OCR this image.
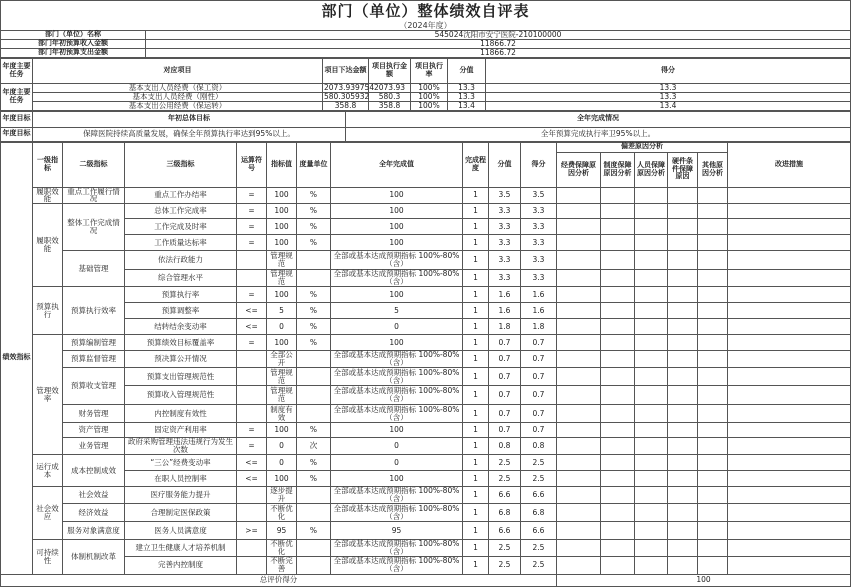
部门（单位）整体绩效自评表	
（2024年度）	
部门（单位）名称	545024沈阳市安宁医院-210100000
部门年初预算收入金额	11866.72
部门年初预算支出金额	11866.72
年度主要任务	对应项目	项目下达金额	项目执行金额	项目执行率	分值	得分
年度主要任务	基本支出人员经费（保工资）	2073.939754	2073.93	100%	13.3	13.3
	基本支出人员经费（刚性）	580.305932	580.3	100%	13.3	13.3
	基本支出公用经费（保运转）	358.8	358.8	100%	13.4	13.4
年度目标	年初总体目标	全年完成情况
年度目标	保障医院持续高质量发展，确保全年预算执行率达到95%以上。	全年预算完成执行率卫95%以上。
绩效指标	一级指标	二级指标	三级指标	运算符号	指标值	度量单位	全年完成值	完成程度	分值	得分	偏差原因分析					改进措施
											经费保障原因分析	制度保障原因分析	人员保障原因分析	硬件条件保障原因	其他原因分析	
	履职效能	重点工作履行情况	重点工作办结率	=	100	%	100	1	3.5	3.5						
	履职效能	整体工作完成情况	总体工作完成率	=	100	%	100	1	3.3	3.3						
			工作完成及时率	=	100	%	100	1	3.3	3.3						
			工作质量达标率	=	100	%	100	1	3.3	3.3						
		基础管理	依法行政能力		管理规范		全部或基本达成预期指标 100%-80%（含）	1	3.3	3.3						
			综合管理水平		管理规范		全部或基本达成预期指标 100%-80%（含）	1	3.3	3.3						
	预算执行	预算执行效率	预算执行率	=	100	%	100	1	1.6	1.6						
			预算调整率	<=	5	%	5	1	1.6	1.6						
			结转结余变动率	<=	0	%	0	1	1.8	1.8						
	管理效率	预算编制管理	预算绩效目标覆盖率	=	100	%	100	1	0.7	0.7						
		预算监督管理	预决算公开情况		全部公开		全部或基本达成预期指标 100%-80%（含）	1	0.7	0.7						
		预算收支管理	预算支出管理规范性		管理规范		全部或基本达成预期指标 100%-80%（含）	1	0.7	0.7						
			预算收入管理规范性		管理规范		全部或基本达成预期指标 100%-80%（含）	1	0.7	0.7						
		财务管理	内控制度有效性		制度有效		全部或基本达成预期指标 100%-80%（含）	1	0.7	0.7						
		资产管理	固定资产利用率	=	100	%	100	1	0.7	0.7						
		业务管理	政府采购管理违法违规行为发生次数	=	0	次	0	1	0.8	0.8						
	运行成本	成本控制成效	“三公”经费变动率	<=	0	%	0	1	2.5	2.5						
			在职人员控制率	<=	100	%	100	1	2.5	2.5						
	社会效应	社会效益	医疗服务能力提升		逐步提升		全部或基本达成预期指标 100%-80%（含）	1	6.6	6.6						
		经济效益	合理制定医保政策		不断优化		全部或基本达成预期指标 100%-80%（含）	1	6.8	6.8						
		服务对象满意度	医务人员满意度	>=	95	%	95	1	6.6	6.6						
	可持续性	体制机制改革	建立卫生健康人才培养机制		不断优化		全部或基本达成预期指标 100%-80%（含）	1	2.5	2.5						
			完善内控制度		不断完善		全部或基本达成预期指标 100%-80%（含）	1	2.5	2.5						
总评价得分											100					
